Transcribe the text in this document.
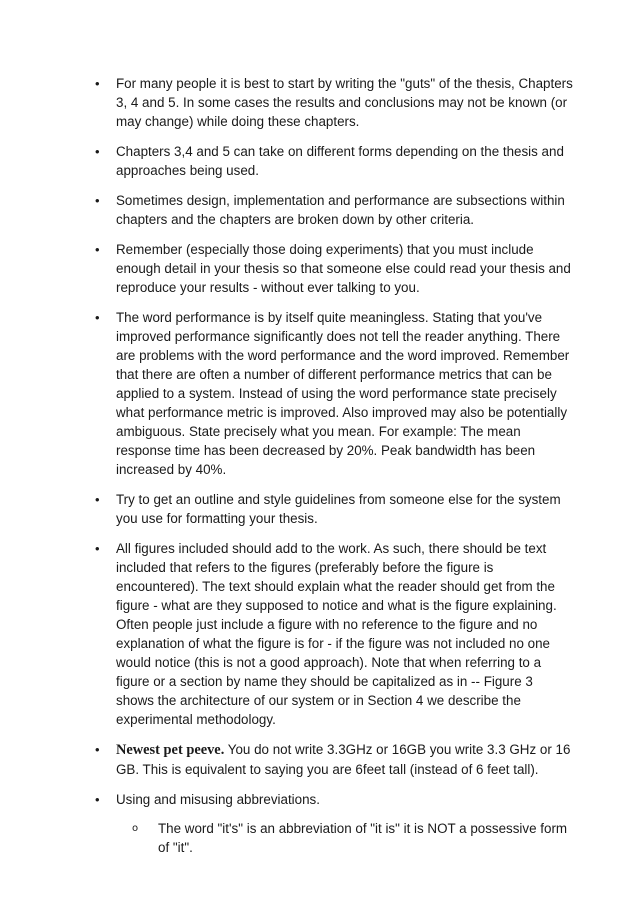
• For many people it is best to start by writing the "guts" of the thesis, Chapters 3, 4 and 5. In some cases the results and conclusions may not be known (or may change) while doing these chapters.
• Chapters 3,4 and 5 can take on different forms depending on the thesis and approaches being used.
• Sometimes design, implementation and performance are subsections within chapters and the chapters are broken down by other criteria.
• Remember (especially those doing experiments) that you must include enough detail in your thesis so that someone else could read your thesis and reproduce your results - without ever talking to you.
• The word performance is by itself quite meaningless. Stating that you've improved performance significantly does not tell the reader anything. There are problems with the word performance and the word improved. Remember that there are often a number of different performance metrics that can be applied to a system. Instead of using the word performance state precisely what performance metric is improved. Also improved may also be potentially ambiguous. State precisely what you mean. For example: The mean response time has been decreased by 20%. Peak bandwidth has been increased by 40%.
• Try to get an outline and style guidelines from someone else for the system you use for formatting your thesis.
• All figures included should add to the work. As such, there should be text included that refers to the figures (preferably before the figure is encountered). The text should explain what the reader should get from the figure - what are they supposed to notice and what is the figure explaining. Often people just include a figure with no reference to the figure and no explanation of what the figure is for - if the figure was not included no one would notice (this is not a good approach). Note that when referring to a figure or a section by name they should be capitalized as in -- Figure 3 shows the architecture of our system or in Section 4 we describe the experimental methodology.
• Newest pet peeve. You do not write 3.3GHz or 16GB you write 3.3 GHz or 16 GB. This is equivalent to saying you are 6feet tall (instead of 6 feet tall).
• Using and misusing abbreviations.
o The word "it's" is an abbreviation of "it is" it is NOT a possessive form of "it".
